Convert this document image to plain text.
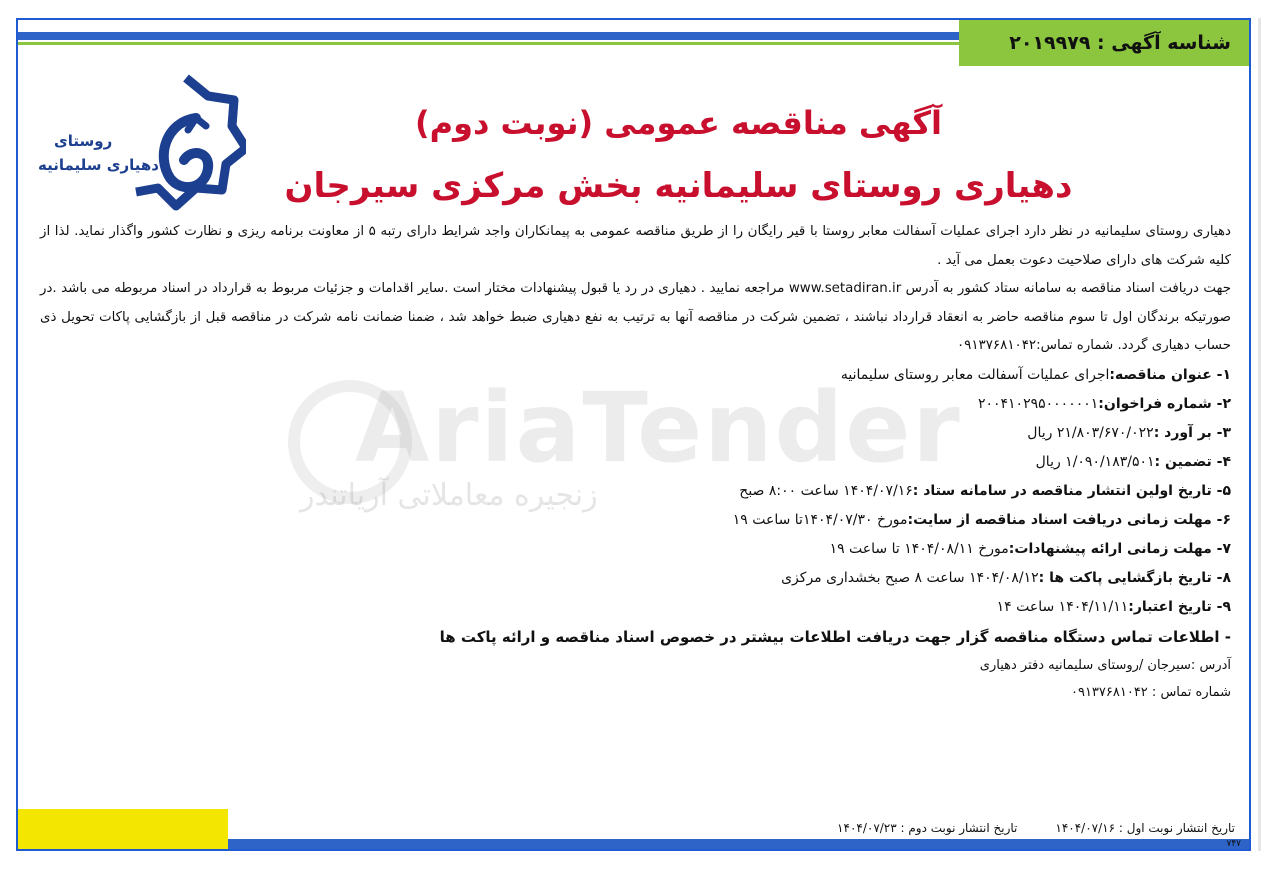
شناسه آگهی : ۲۰۱۹۹۷۹
روستای
دهیاری سلیمانیه
آگهی مناقصه عمومی (نوبت دوم)
دهیاری روستای سلیمانیه بخش مرکزی سیرجان

دهیاری روستای سلیمانیه در نظر دارد اجرای عملیات آسفالت معابر روستا با قیر رایگان را از طریق مناقصه عمومی به پیمانکاران واجد شرایط دارای رتبه ۵ از معاونت برنامه ریزی و نظارت کشور واگذار نماید. لذا از کلیه شرکت های دارای صلاحیت دعوت بعمل می آید .

جهت دریافت اسناد مناقصه به سامانه ستاد کشور به آدرس www.setadiran.ir مراجعه نمایید . دهیاری در رد یا قبول پیشنهادات مختار است .سایر اقدامات و جزئیات مربوط به قرارداد در اسناد مربوطه می باشد .در صورتیکه برندگان اول تا سوم مناقصه حاضر به انعقاد قرارداد نباشند ، تضمین شرکت در مناقصه آنها به ترتیب به نفع دهیاری ضبط خواهد شد ، ضمنا ضمانت نامه شرکت در مناقصه قبل از بازگشایی پاکات تحویل ذی حساب دهیاری گردد. شماره تماس:۰۹۱۳۷۶۸۱۰۴۲

۱- عنوان مناقصه:اجرای عملیات آسفالت معابر روستای سلیمانیه

۲- شماره فراخوان:۲۰۰۴۱۰۲۹۵۰۰۰۰۰۰۱

۳- بر آورد :۲۱/۸۰۳/۶۷۰/۰۲۲ ریال

۴- تضمین :۱/۰۹۰/۱۸۳/۵۰۱ ریال

۵- تاریخ اولین انتشار مناقصه در سامانه ستاد :۱۴۰۴/۰۷/۱۶ ساعت ۸:۰۰ صبح

۶- مهلت زمانی دریافت اسناد مناقصه از سایت:مورخ ۱۴۰۴/۰۷/۳۰تا ساعت ۱۹

۷- مهلت زمانی ارائه پیشنهادات:مورخ ۱۴۰۴/۰۸/۱۱ تا ساعت ۱۹

۸- تاریخ بازگشایی پاکت ها :۱۴۰۴/۰۸/۱۲ ساعت ۸ صبح بخشداری مرکزی

۹- تاریخ اعتبار:۱۴۰۴/۱۱/۱۱ ساعت ۱۴

- اطلاعات تماس دستگاه مناقصه گزار جهت دریافت اطلاعات بیشتر در خصوص اسناد مناقصه و ارائه پاکت ها

آدرس :سیرجان /روستای سلیمانیه دفتر دهیاری

شماره تماس : ۰۹۱۳۷۶۸۱۰۴۲

تاریخ انتشار نوبت اول : ۱۴۰۴/۰۷/۱۶
تاریخ انتشار نوبت دوم : ۱۴۰۴/۰۷/۲۳
۷۴۷
AriaTender
زنجیره معاملاتی آریاتندر
